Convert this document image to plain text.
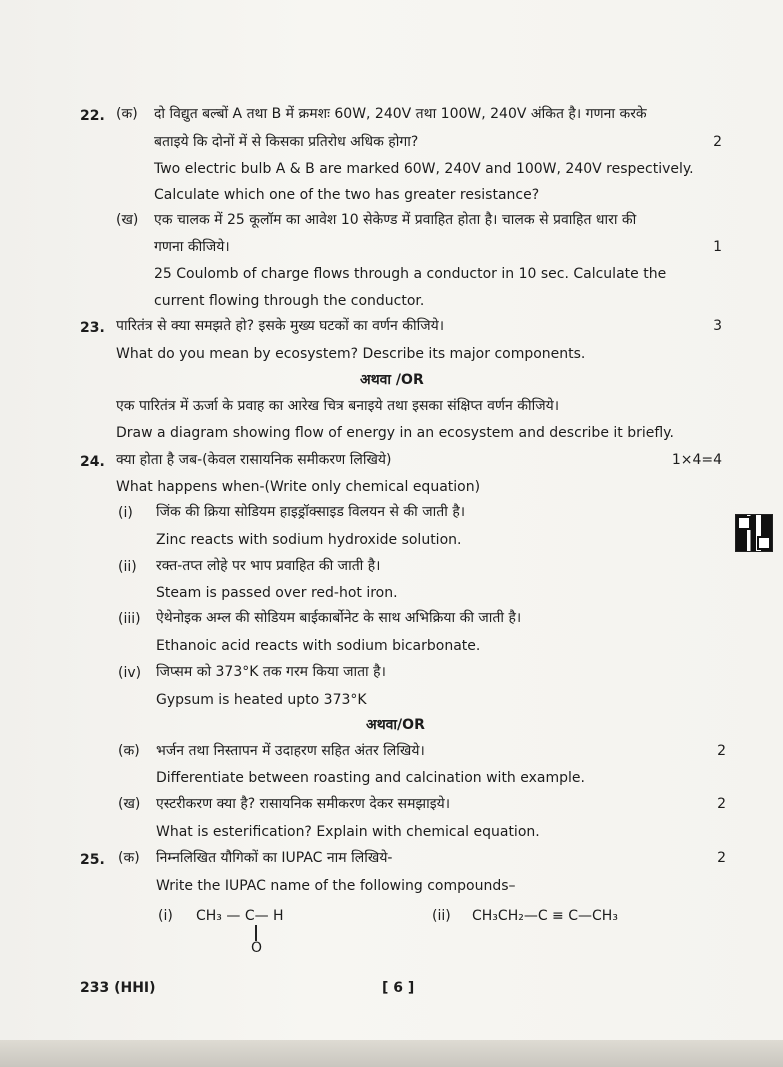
22. (क) दो विद्युत बल्बों A तथा B में क्रमशः 60W, 240V तथा 100W, 240V अंकित है। गणना करके
बताइये कि दोनों में से किसका प्रतिरोध अधिक होगा?	2
Two electric bulb A & B are marked 60W, 240V and 100W, 240V respectively.
Calculate which one of the two has greater resistance?
(ख) एक चालक में 25 कूलॉम का आवेश 10 सेकेण्ड में प्रवाहित होता है। चालक से प्रवाहित धारा की
गणना कीजिये।	1
25 Coulomb of charge flows through a conductor in 10 sec. Calculate the
current flowing through the conductor.
23. पारितंत्र से क्या समझते हो? इसके मुख्य घटकों का वर्णन कीजिये।	3
What do you mean by ecosystem? Describe its major components.
अथवा /OR
एक पारितंत्र में ऊर्जा के प्रवाह का आरेख चित्र बनाइये तथा इसका संक्षिप्त वर्णन कीजिये।
Draw a diagram showing flow of energy in an ecosystem and describe it briefly.
24. क्या होता है जब-(केवल रासायनिक समीकरण लिखिये)	1×4=4
What happens when-(Write only chemical equation)
(i) जिंक की क्रिया सोडियम हाइड्रॉक्साइड विलयन से की जाती है।
Zinc reacts with sodium hydroxide solution.
(ii) रक्त-तप्त लोहे पर भाप प्रवाहित की जाती है।
Steam is passed over red-hot iron.
(iii) ऐथेनोइक अम्ल की सोडियम बाईकार्बोनेट के साथ अभिक्रिया की जाती है।
Ethanoic acid reacts with sodium bicarbonate.
(iv) जिप्सम को 373°K तक गरम किया जाता है।
Gypsum is heated upto 373°K
अथवा/OR
(क) भर्जन तथा निस्तापन में उदाहरण सहित अंतर लिखिये।	2
Differentiate between roasting and calcination with example.
(ख) एस्टरीकरण क्या है? रासायनिक समीकरण देकर समझाइये।	2
What is esterification? Explain with chemical equation.
25. (क) निम्नलिखित यौगिकों का IUPAC नाम लिखिये-	2
Write the IUPAC name of the following compounds–
(i) CH₃ — C— H
O
(ii) CH₃CH₂—C ≡ C—CH₃
233 (HHI)	[ 6 ]
